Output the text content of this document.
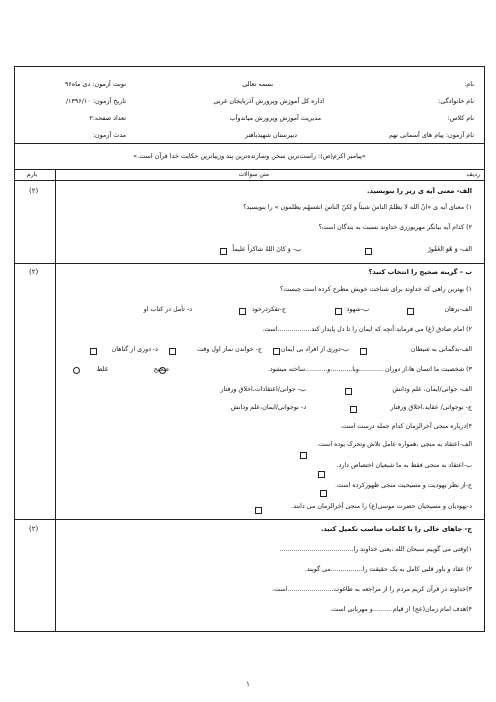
نام:
نام خانوادگی:
نام کلاس:
نام آزمون: پیام های آسمانی نهم
بسمه تعالی
اداره کل آموزش وپرورش آذربایجان غربی
مدیریت آموزش وپرورش میاندوآب
دبیرستان شهیدباهنر
نوبت آزمون: دی ماه۹۶
تاریخ آزمون: ۱۳۹۶/۱۰/
تعداد صفحه:۲
مدت آزمون:
«پیامبر اکرم(ص): راست‌ترین سخن وسازنده‌ترین پند وزیباترین حکایت خدا قرآن است.»
ردیف
متن سوالات
بارم
الف- معنی آیه ی زیر را بنویسید.
(۲)
۱) معنای آیه ی «انّ الله لا یظلمُ الناسَ شیئاً و لکنّ الناسَ انفسهُم یظلمون » را بنویسید؟
۲) کدام آیه بیانگر مهربورزی خداوند نسبت به بندگان است؟
الف- وَ هُوَ الغَفُورُ
ب- وَ کانَ اللهُ شاکراً علیماً
ب – گزینه صحیح را انتخاب کنید؟
(۲)
۱) بهترین راهی که خداوند برای شناخت خویش مطرح کرده است چیست؟
الف-برهان
ب-شهود
ج-تفکردرخود
د- تأمل در کتاب او
۲) امام صادق (ع) می فرماید:آنچه که ایمان را تا دل پایدار کند.................است.
الف-بدگمانی به شیطان
ب-دوری از افراد بی ایمان
ج- خواندن نماز اول وقت
د- دوری از گناهان
۳) شخصیت ما انسان ها،از دوران ............وبا...........و...........ساخته میشود.
صحیح
غلط
الف- جوانی/ایمان، علم ودانش
ب- جوانی/اعتقادات،اخلاق ورفتار
ج- نوجوانی/ عقاید،اخلاق ورفتار
د- نوجوانی/ایمان،علم ودانش
۴)درباره منجی آخرالزمان کدام جمله درست است.
الف-اعتقاد به منجی ،همواره عامل تلاش وتحرک بوده است.
ب-اعتقاد به منجی فقط به ما شیعیان اختصاص دارد.
ج-از نظر یهودیت و مسیحیت منجی ظهورکرده است.
د-یهودیان و مسیحیان حضرت موسی(ع) را منجی آخرالزمان می دانند.
ج- جاهای خالی را با کلمات مناسب تکمیل کنید.
(۲)
۱)وقتی می گوییم سبحان الله ،یعنی خداوند را.....................................
۲) عقاد و باور قلبی کامل به یک حقیقت را................می گویند.
۳)خداوند در قرآن کریم مردم را از مراجعه به طاغوت.......................است.
۴)هدف امام زمان(عج) از قیام..........و مهربانی است.
۱
